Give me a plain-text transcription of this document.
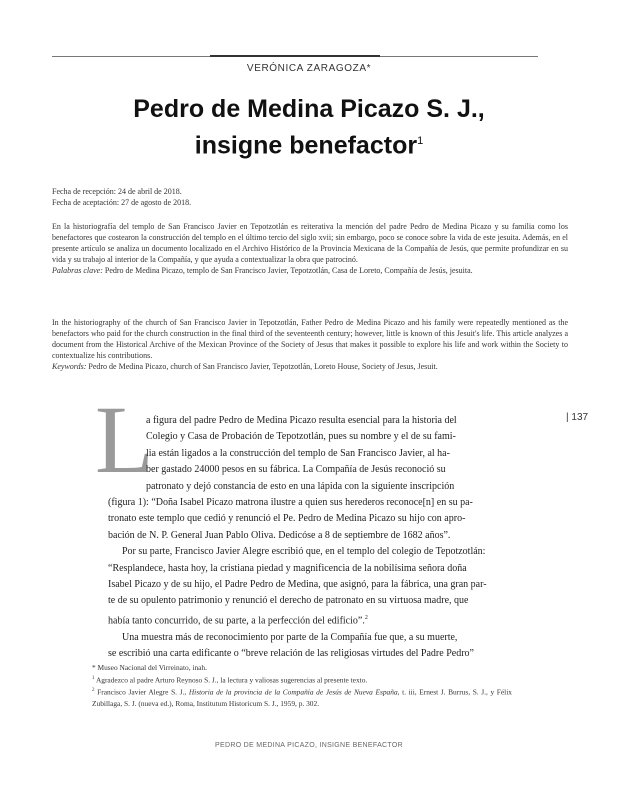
VERÓNICA ZARAGOZA*
Pedro de Medina Picazo S. J.,
insigne benefactor$^1$
Fecha de recepción: 24 de abril de 2018.
Fecha de aceptación: 27 de agosto de 2018.
En la historiografía del templo de San Francisco Javier en Tepotzotlán es reiterativa la mención del padre Pedro de Medina Picazo y su familia como los benefactores que costearon la construcción del templo en el último tercio del siglo xvii; sin embargo, poco se conoce sobre la vida de este jesuita. Además, en el presente artículo se analiza un documento localizado en el Archivo Histórico de la Provincia Mexicana de la Compañía de Jesús, que permite profundizar en su vida y su trabajo al interior de la Compañía, y que ayuda a contextualizar la obra que patrocinó.
Palabras clave: Pedro de Medina Picazo, templo de San Francisco Javier, Tepotzotlán, Casa de Loreto, Compañía de Jesús, jesuita.
In the historiography of the church of San Francisco Javier in Tepotzotlán, Father Pedro de Medina Picazo and his family were repeatedly mentioned as the benefactors who paid for the church construction in the final third of the seventeenth century; however, little is known of this Jesuit's life. This article analyzes a document from the Historical Archive of the Mexican Province of the Society of Jesus that makes it possible to explore his life and work within the Society to contextualize his contributions.
Keywords: Pedro de Medina Picazo, church of San Francisco Javier, Tepotzotlán, Loreto House, Society of Jesus, Jesuit.
| 137
L

a figura del padre Pedro de Medina Picazo resulta esencial para la historia del
Colegio y Casa de Probación de Tepotzotlán, pues su nombre y el de su fami-
lia están ligados a la construcción del templo de San Francisco Javier, al ha-
ber gastado 24000 pesos en su fábrica. La Compañía de Jesús reconoció su
patronato y dejó constancia de esto en una lápida con la siguiente inscripción
(figura 1): “Doña Isabel Picazo matrona ilustre a quien sus herederos reconoce[n] en su pa-
tronato este templo que cedió y renunció el Pe. Pedro de Medina Picazo su hijo con apro-
bación de N. P. General Juan Pablo Oliva. Dedicóse a 8 de septiembre de 1682 años”.

Por su parte, Francisco Javier Alegre escribió que, en el templo del colegio de Tepotzotlán:
“Resplandece, hasta hoy, la cristiana piedad y magnificencia de la nobilísima señora doña
Isabel Picazo y de su hijo, el Padre Pedro de Medina, que asignó, para la fábrica, una gran par-
te de su opulento patrimonio y renunció el derecho de patronato en su virtuosa madre, que
había tanto concurrido, de su parte, a la perfección del edificio”.$^2$

Una muestra más de reconocimiento por parte de la Compañía fue que, a su muerte,
se escribió una carta edificante o “breve relación de las religiosas virtudes del Padre Pedro”

* Museo Nacional del Virreinato, inah.

$^1$ Agradezco al padre Arturo Reynoso S. J., la lectura y valiosas sugerencias al presente texto.

$^2$ Francisco Javier Alegre S. J., Historia de la provincia de la Compañía de Jesús de Nueva España, t. iii, Ernest J. Burrus, S. J., y Félix Zubillaga, S. J. (nueva ed.), Roma, Institutum Historicum S. J., 1959, p. 302.

PEDRO DE MEDINA PICAZO, INSIGNE BENEFACTOR
